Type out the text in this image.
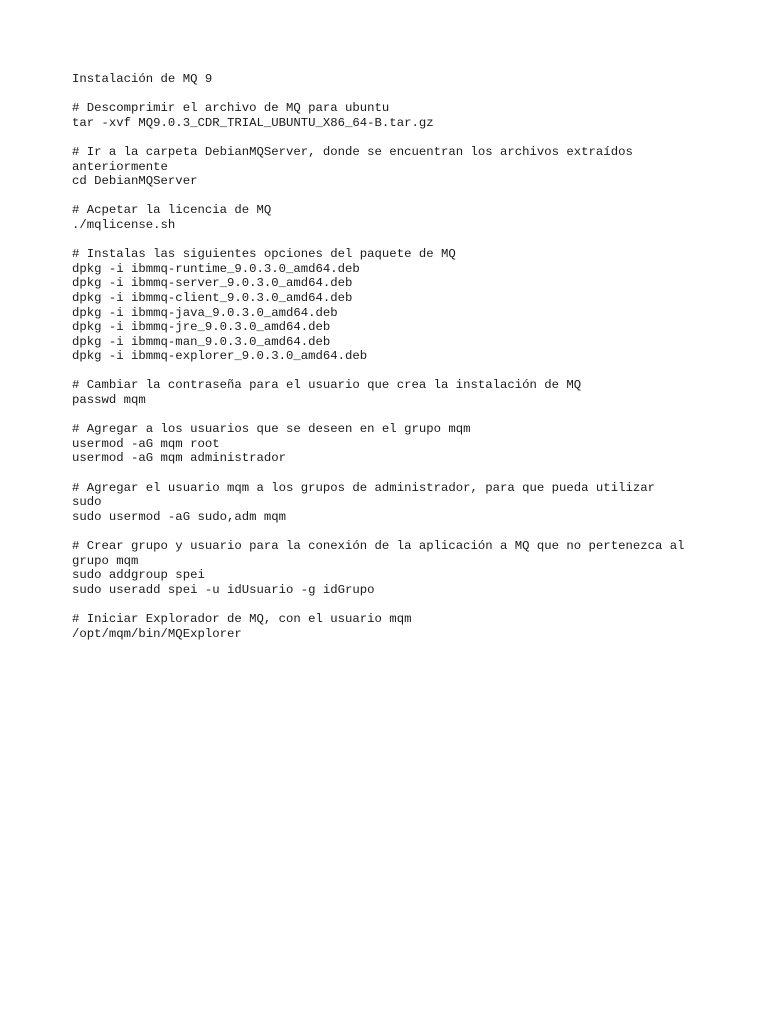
Instalación de MQ 9
# Descomprimir el archivo de MQ para ubuntu
tar -xvf MQ9.0.3_CDR_TRIAL_UBUNTU_X86_64-B.tar.gz
# Ir a la carpeta DebianMQServer, donde se encuentran los archivos extraídos
anteriormente
cd DebianMQServer
# Acpetar la licencia de MQ
./mqlicense.sh
# Instalas las siguientes opciones del paquete de MQ
dpkg -i ibmmq-runtime_9.0.3.0_amd64.deb
dpkg -i ibmmq-server_9.0.3.0_amd64.deb
dpkg -i ibmmq-client_9.0.3.0_amd64.deb
dpkg -i ibmmq-java_9.0.3.0_amd64.deb
dpkg -i ibmmq-jre_9.0.3.0_amd64.deb
dpkg -i ibmmq-man_9.0.3.0_amd64.deb
dpkg -i ibmmq-explorer_9.0.3.0_amd64.deb
# Cambiar la contraseña para el usuario que crea la instalación de MQ
passwd mqm
# Agregar a los usuarios que se deseen en el grupo mqm
usermod -aG mqm root
usermod -aG mqm administrador
# Agregar el usuario mqm a los grupos de administrador, para que pueda utilizar
sudo
sudo usermod -aG sudo,adm mqm
# Crear grupo y usuario para la conexión de la aplicación a MQ que no pertenezca al
grupo mqm
sudo addgroup spei
sudo useradd spei -u idUsuario -g idGrupo
# Iniciar Explorador de MQ, con el usuario mqm
/opt/mqm/bin/MQExplorer
